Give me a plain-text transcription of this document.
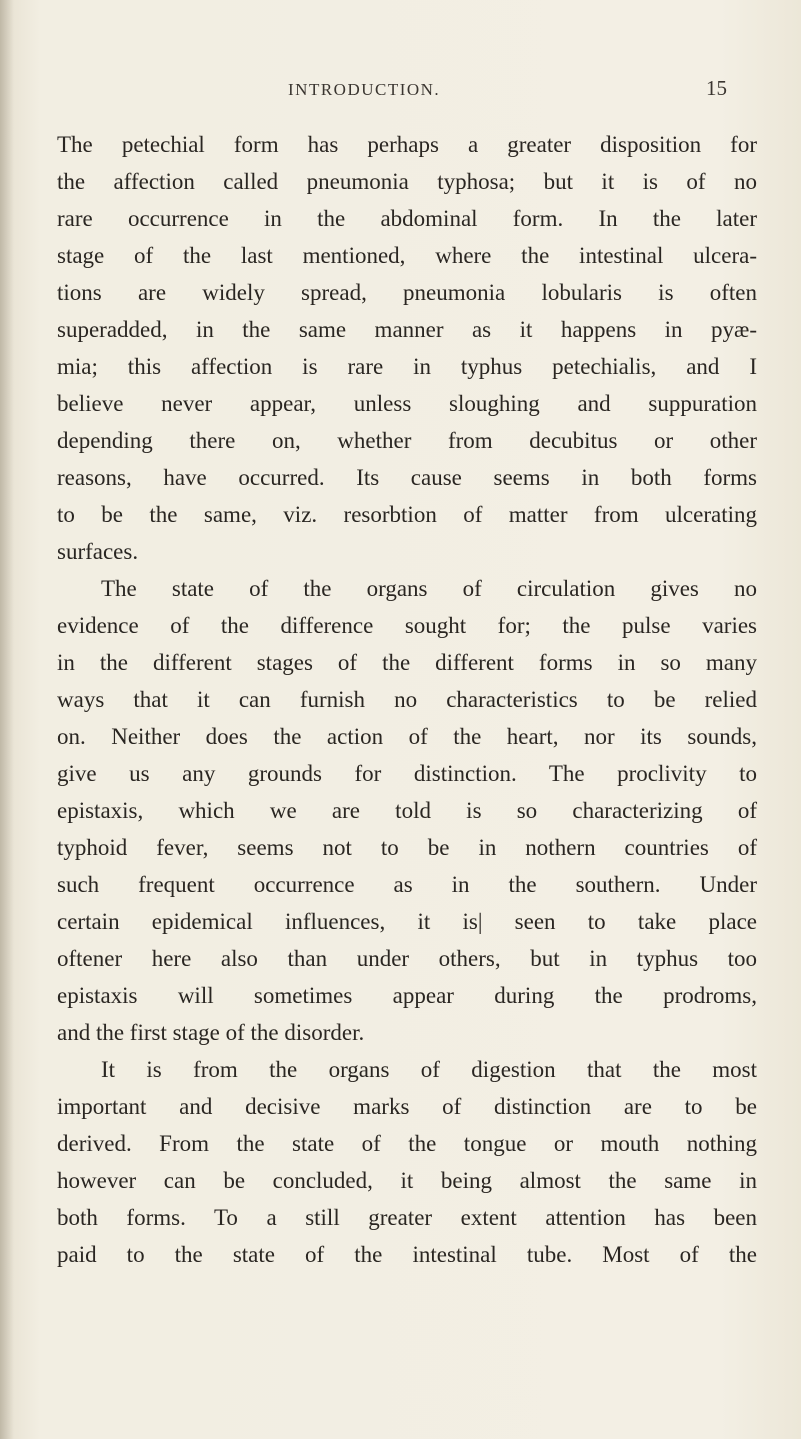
INTRODUCTION.	15
The petechial form has perhaps a greater disposition for
the affection called pneumonia typhosa; but it is of no
rare occurrence in the abdominal form. In the later
stage of the last mentioned, where the intestinal ulcera-
tions are widely spread, pneumonia lobularis is often
superadded, in the same manner as it happens in pyæ-
mia; this affection is rare in typhus petechialis, and I
believe never appear, unless sloughing and suppuration
depending there on, whether from decubitus or other
reasons, have occurred. Its cause seems in both forms
to be the same, viz. resorbtion of matter from ulcerating
surfaces.
The state of the organs of circulation gives no
evidence of the difference sought for; the pulse varies
in the different stages of the different forms in so many
ways that it can furnish no characteristics to be relied
on. Neither does the action of the heart, nor its sounds,
give us any grounds for distinction. The proclivity to
epistaxis, which we are told is so characterizing of
typhoid fever, seems not to be in nothern countries of
such frequent occurrence as in the southern. Under
certain epidemical influences, it is| seen to take place
oftener here also than under others, but in typhus too
epistaxis will sometimes appear during the prodroms,
and the first stage of the disorder.
It is from the organs of digestion that the most
important and decisive marks of distinction are to be
derived. From the state of the tongue or mouth nothing
however can be concluded, it being almost the same in
both forms. To a still greater extent attention has been
paid to the state of the intestinal tube. Most of the
